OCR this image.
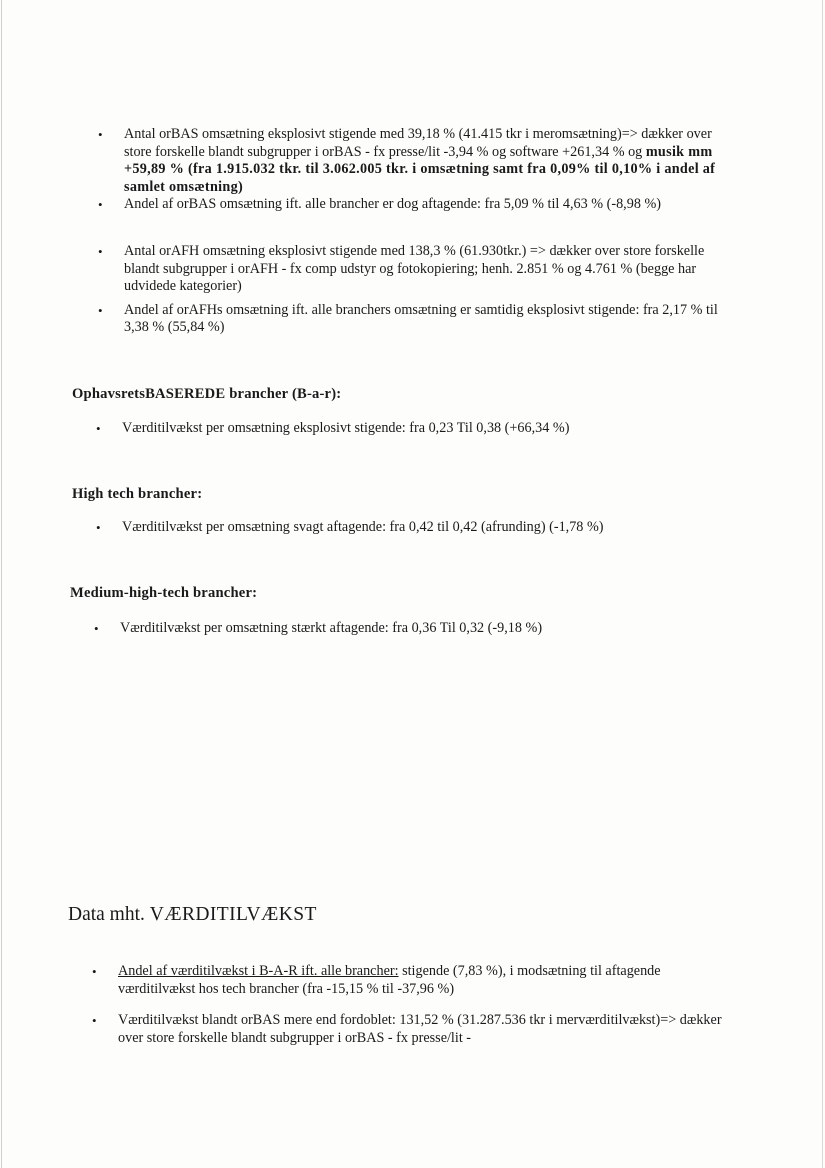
• Antal orBAS omsætning eksplosivt stigende med 39,18 % (41.415 tkr i meromsætning)=> dækker over store forskelle blandt subgrupper i orBAS - fx presse/lit -3,94 % og software +261,34 % og musik mm +59,89 % (fra 1.915.032 tkr. til 3.062.005 tkr. i omsætning samt fra 0,09% til 0,10% i andel af samlet omsætning)
• Andel af orBAS omsætning ift. alle brancher er dog aftagende: fra 5,09 % til 4,63 % (-8,98 %)
• Antal orAFH omsætning eksplosivt stigende med 138,3 % (61.930tkr.) => dækker over store forskelle blandt subgrupper i orAFH - fx comp udstyr og fotokopiering; henh. 2.851 % og 4.761 % (begge har udvidede kategorier)
• Andel af orAFHs omsætning ift. alle branchers omsætning er samtidig eksplosivt stigende: fra 2,17 % til 3,38 % (55,84 %)
OphavsretsBASEREDE brancher (B-a-r):
• Værditilvækst per omsætning eksplosivt stigende: fra 0,23 Til 0,38 (+66,34 %)
High tech brancher:
• Værditilvækst per omsætning svagt aftagende: fra 0,42 til 0,42 (afrunding) (-1,78 %)
Medium-high-tech brancher:
• Værditilvækst per omsætning stærkt aftagende: fra 0,36 Til 0,32 (-9,18 %)
Data mht. VÆRDITILVÆKST
• Andel af værditilvækst i B-A-R ift. alle brancher: stigende (7,83 %), i modsætning til aftagende værditilvækst hos tech brancher (fra -15,15 % til -37,96 %)
• Værditilvækst blandt orBAS mere end fordoblet: 131,52 % (31.287.536 tkr i merværditilvækst)=> dækker over store forskelle blandt subgrupper i orBAS - fx presse/lit -
